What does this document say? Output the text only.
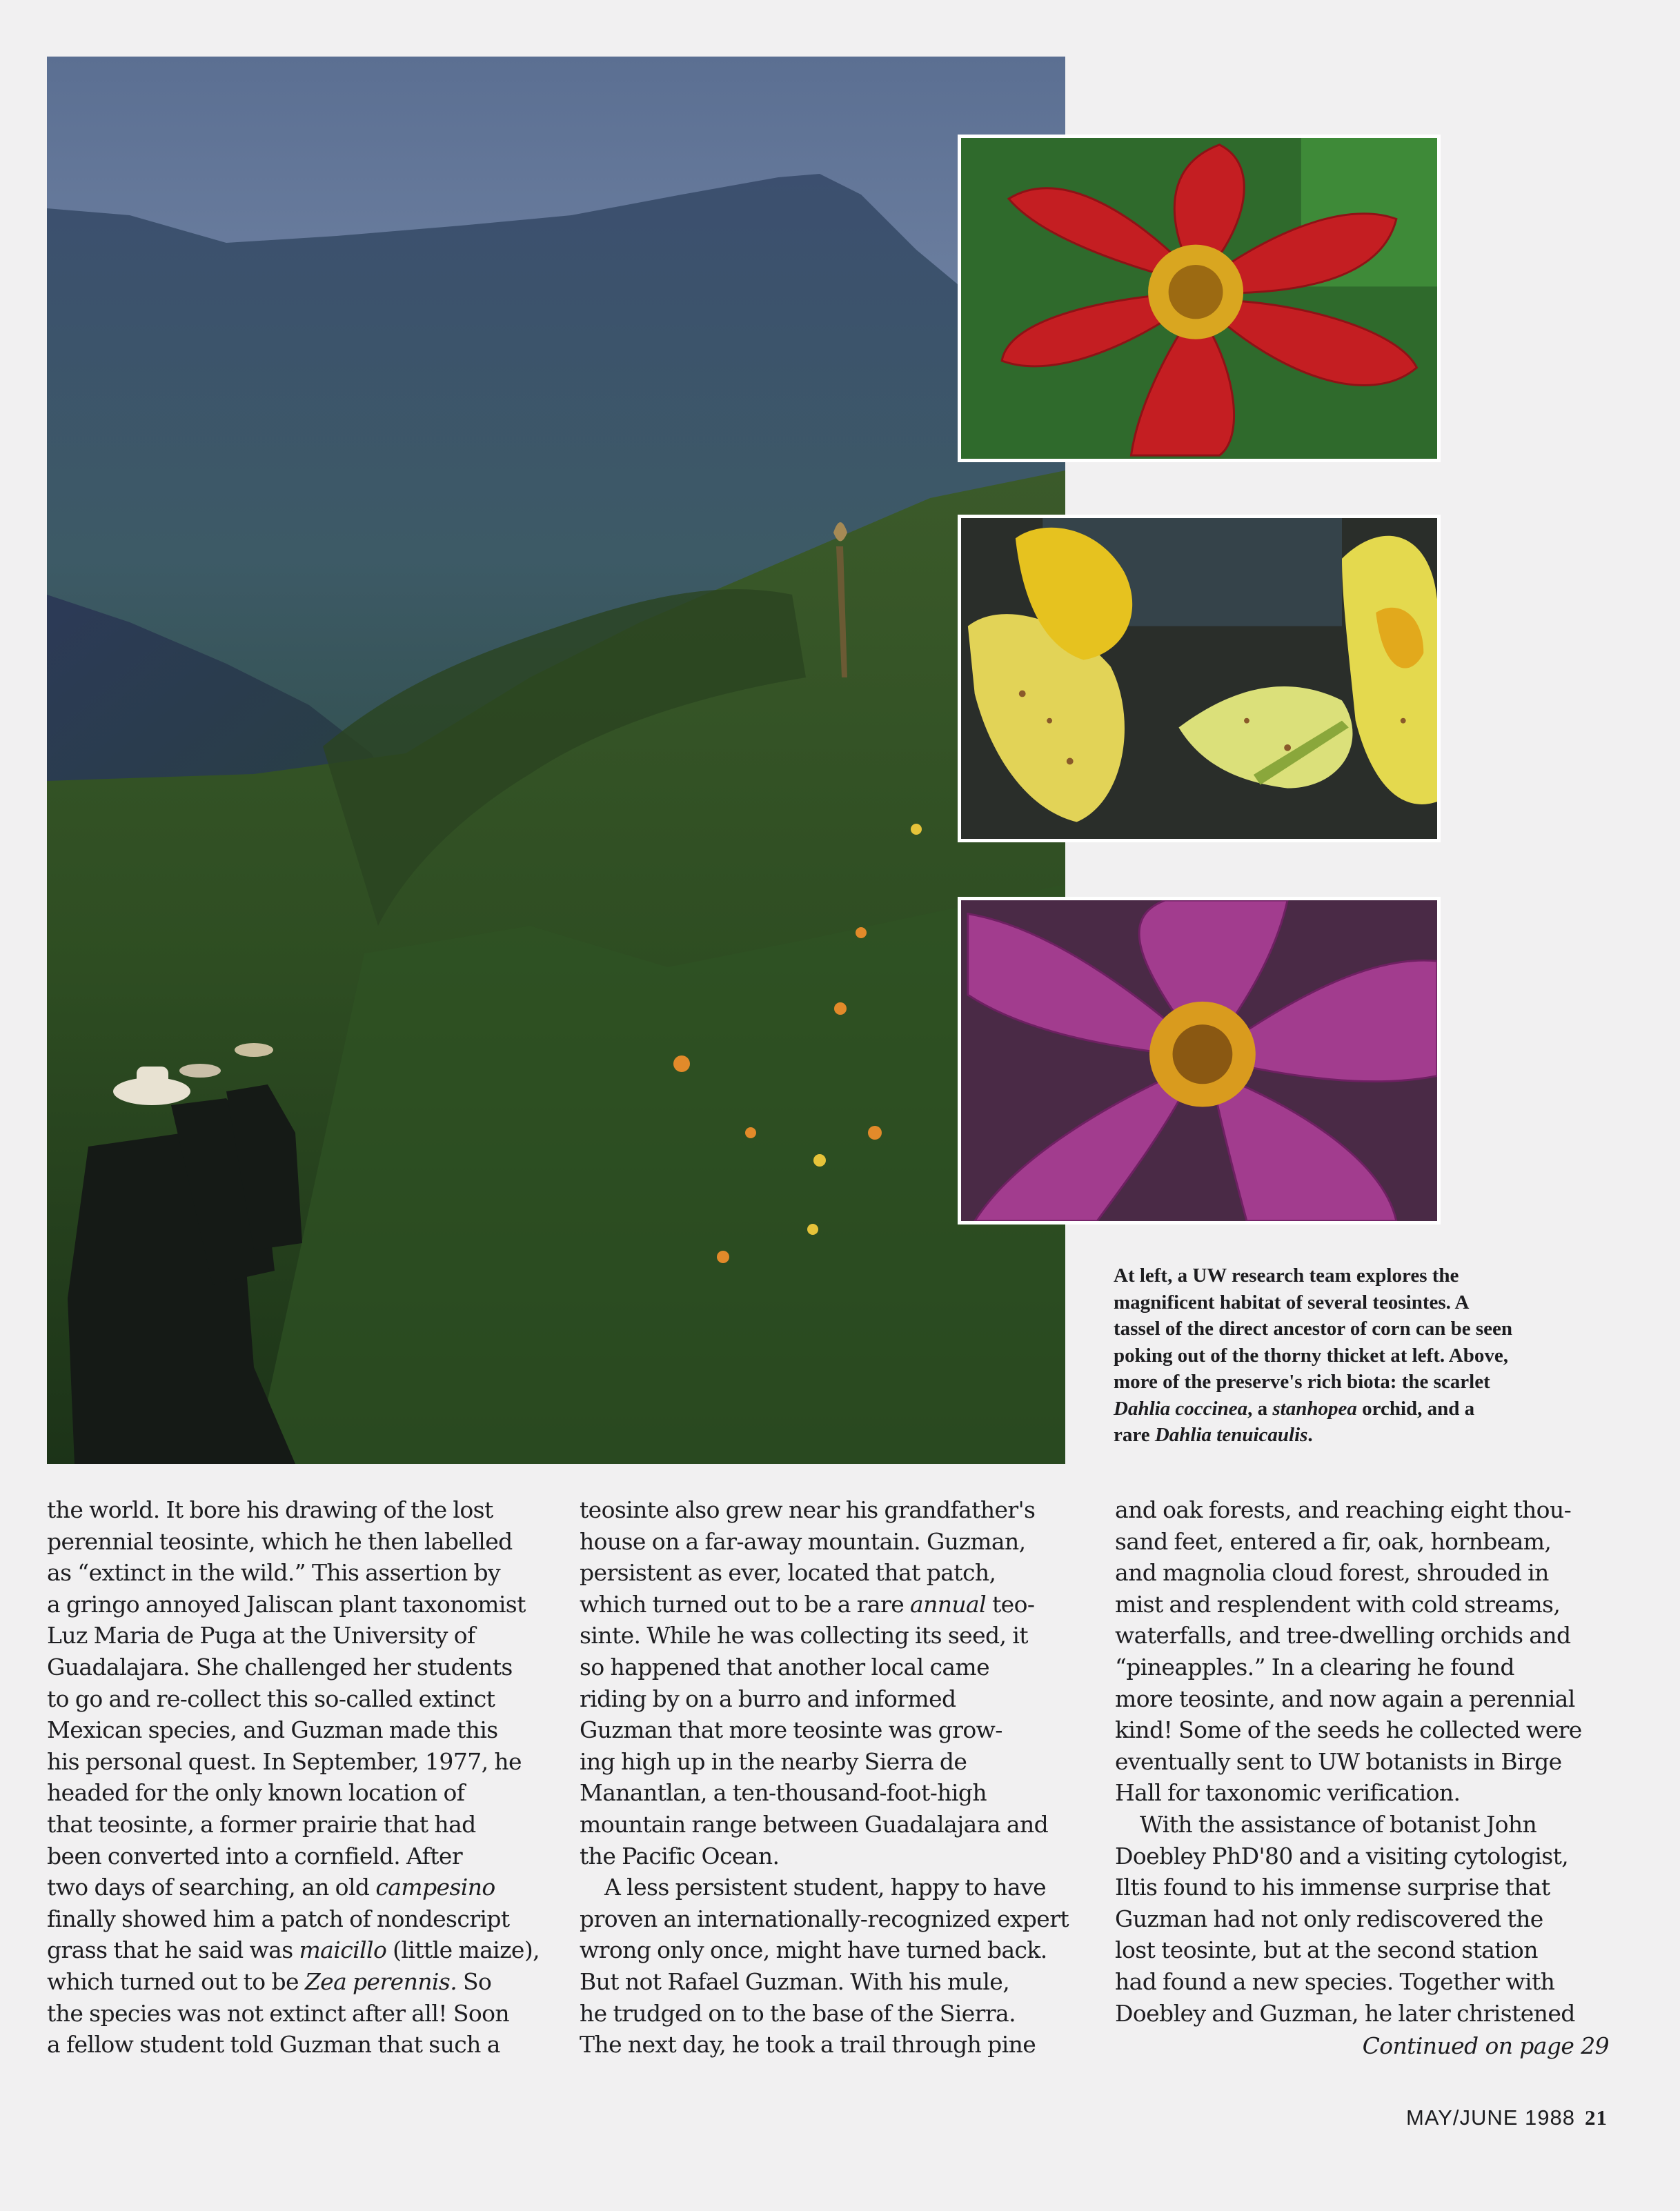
At left, a UW research team explores the
magnificent habitat of several teosintes. A
tassel of the direct ancestor of corn can be seen
poking out of the thorny thicket at left. Above,
more of the preserve's rich biota: the scarlet
Dahlia coccinea, a stanhopea orchid, and a
rare Dahlia tenuicaulis.
the world. It bore his drawing of the lost
perennial teosinte, which he then labelled
as “extinct in the wild.” This assertion by
a gringo annoyed Jaliscan plant taxonomist
Luz Maria de Puga at the University of
Guadalajara. She challenged her students
to go and re-collect this so-called extinct
Mexican species, and Guzman made this
his personal quest. In September, 1977, he
headed for the only known location of
that teosinte, a former prairie that had
been converted into a cornfield. After
two days of searching, an old campesino
finally showed him a patch of nondescript
grass that he said was maicillo (little maize),
which turned out to be Zea perennis. So
the species was not extinct after all! Soon
a fellow student told Guzman that such a
teosinte also grew near his grandfather's
house on a far-away mountain. Guzman,
persistent as ever, located that patch,
which turned out to be a rare annual teo-
sinte. While he was collecting its seed, it
so happened that another local came
riding by on a burro and informed
Guzman that more teosinte was grow-
ing high up in the nearby Sierra de
Manantlan, a ten-thousand-foot-high
mountain range between Guadalajara and
the Pacific Ocean.
A less persistent student, happy to have
proven an internationally-recognized expert
wrong only once, might have turned back.
But not Rafael Guzman. With his mule,
he trudged on to the base of the Sierra.
The next day, he took a trail through pine
and oak forests, and reaching eight thou-
sand feet, entered a fir, oak, hornbeam,
and magnolia cloud forest, shrouded in
mist and resplendent with cold streams,
waterfalls, and tree-dwelling orchids and
“pineapples.” In a clearing he found
more teosinte, and now again a perennial
kind! Some of the seeds he collected were
eventually sent to UW botanists in Birge
Hall for taxonomic verification.
With the assistance of botanist John
Doebley PhD'80 and a visiting cytologist,
Iltis found to his immense surprise that
Guzman had not only rediscovered the
lost teosinte, but at the second station
had found a new species. Together with
Doebley and Guzman, he later christened
Continued on page 29
MAY/JUNE 1988 21
